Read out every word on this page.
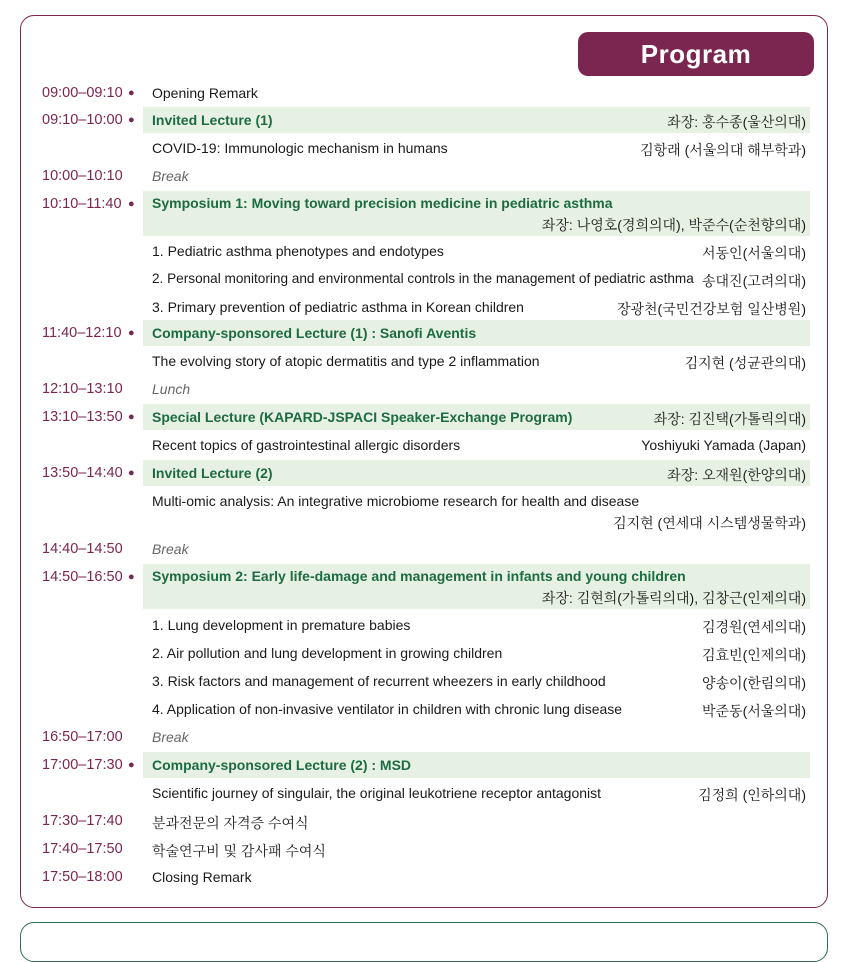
Program
09:00–09:10 ● Opening Remark
09:10–10:00 ● Invited Lecture (1)	좌장: 홍수종(울산의대)
COVID-19: Immunologic mechanism in humans	김항래 (서울의대 해부학과)
10:00–10:10 Break
10:10–11:40 ● Symposium 1: Moving toward precision medicine in pediatric asthma
좌장: 나영호(경희의대), 박준수(순천향의대)
1. Pediatric asthma phenotypes and endotypes	서동인(서울의대)
2. Personal monitoring and environmental controls in the management of pediatric asthma 송대진(고려의대)
3. Primary prevention of pediatric asthma in Korean children	장광천(국민건강보험 일산병원)
11:40–12:10 ● Company-sponsored Lecture (1) : Sanofi Aventis
The evolving story of atopic dermatitis and type 2 inflammation	김지현 (성균관의대)
12:10–13:10 Lunch
13:10–13:50 ● Special Lecture (KAPARD-JSPACI Speaker-Exchange Program)	좌장: 김진택(가톨릭의대)
Recent topics of gastrointestinal allergic disorders	Yoshiyuki Yamada (Japan)
13:50–14:40 ● Invited Lecture (2)	좌장: 오재원(한양의대)
Multi-omic analysis: An integrative microbiome research for health and disease
김지현 (연세대 시스템생물학과)
14:40–14:50 Break
14:50–16:50 ● Symposium 2: Early life-damage and management in infants and young children
좌장: 김현희(가톨릭의대), 김창근(인제의대)
1. Lung development in premature babies	김경원(연세의대)
2. Air pollution and lung development in growing children	김효빈(인제의대)
3. Risk factors and management of recurrent wheezers in early childhood	양송이(한림의대)
4. Application of non-invasive ventilator in children with chronic lung disease	박준동(서울의대)
16:50–17:00 Break
17:00–17:30 ● Company-sponsored Lecture (2) : MSD
Scientific journey of singulair, the original leukotriene receptor antagonist	김정희 (인하의대)
17:30–17:40 분과전문의 자격증 수여식
17:40–17:50 학술연구비 및 감사패 수여식
17:50–18:00 Closing Remark
